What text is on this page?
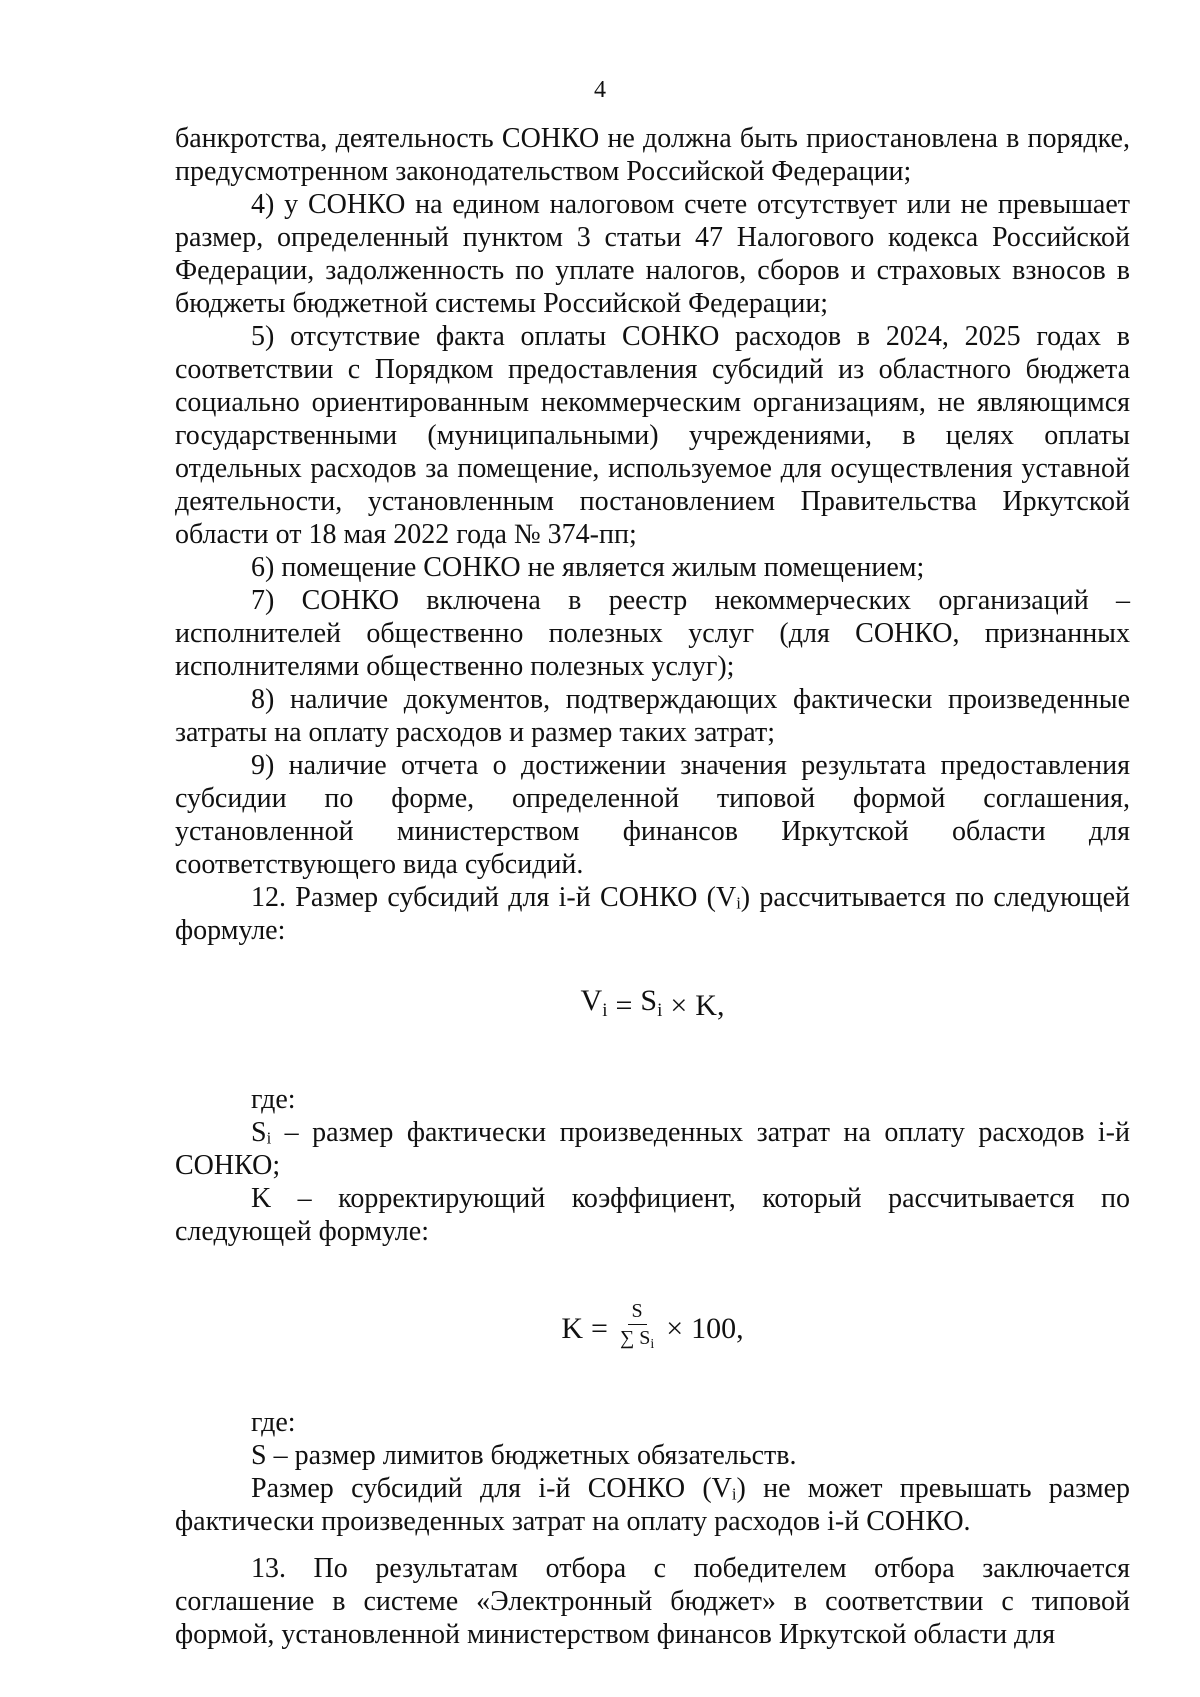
4

банкротства, деятельность СОНКО не должна быть приостановлена в порядке, предусмотренном законодательством Российской Федерации;

4) у СОНКО на едином налоговом счете отсутствует или не превышает размер, определенный пунктом 3 статьи 47 Налогового кодекса Российской Федерации, задолженность по уплате налогов, сборов и страховых взносов в бюджеты бюджетной системы Российской Федерации;

5) отсутствие факта оплаты СОНКО расходов в 2024, 2025 годах в соответствии с Порядком предоставления субсидий из областного бюджета социально ориентированным некоммерческим организациям, не являющимся государственными (муниципальными) учреждениями, в целях оплаты отдельных расходов за помещение, используемое для осуществления уставной деятельности, установленным постановлением Правительства Иркутской области от 18 мая 2022 года № 374-пп;

6) помещение СОНКО не является жилым помещением;

7) СОНКО включена в реестр некоммерческих организаций – исполнителей общественно полезных услуг (для СОНКО, признанных исполнителями общественно полезных услуг);

8) наличие документов, подтверждающих фактически произведенные затраты на оплату расходов и размер таких затрат;

9) наличие отчета о достижении значения результата предоставления субсидии по форме, определенной типовой формой соглашения, установленной министерством финансов Иркутской области для соответствующего вида субсидий.

12. Размер субсидий для i-й СОНКО (Vᵢ) рассчитывается по следующей формуле:

$V_i = S_i \times K$,

где:

Sᵢ – размер фактически произведенных затрат на оплату расходов i-й СОНКО;

K – корректирующий коэффициент, который рассчитывается по следующей формуле:

$K = \frac{S}{\sum S_i} \times 100$,

где:

S – размер лимитов бюджетных обязательств.

Размер субсидий для i-й СОНКО (Vᵢ) не может превышать размер фактически произведенных затрат на оплату расходов i-й СОНКО.

13. По результатам отбора с победителем отбора заключается соглашение в системе «Электронный бюджет» в соответствии с типовой формой, установленной министерством финансов Иркутской области для
